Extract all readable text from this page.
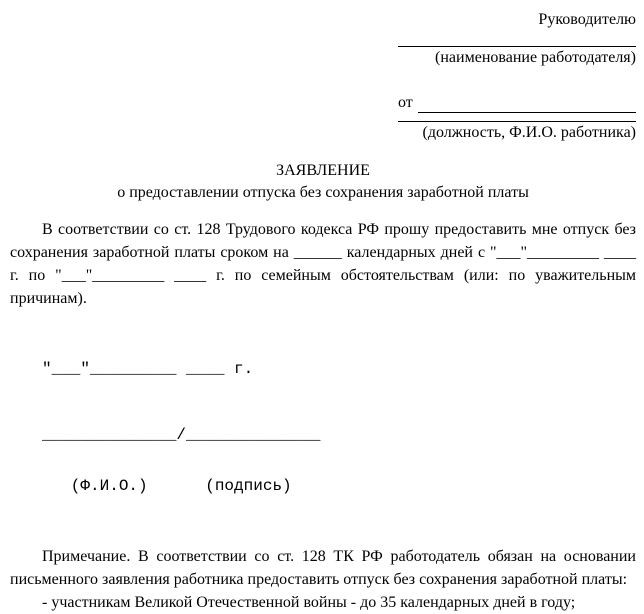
Руководителю
(наименование работодателя)
от
(должность, Ф.И.О. работника)
ЗАЯВЛЕНИЕ
о предоставлении отпуска без сохранения заработной платы
В соответствии со ст. 128 Трудового кодекса РФ прошу предоставить мне отпуск без
сохранения заработной платы сроком на ______ календарных дней с "___"_________ ____
г. по "___"_________ ____ г. по семейным обстоятельствам (или: по уважительным
причинам).

"___"_________ ____ г.

______________/______________

(Ф.И.О.)      (подпись)

Примечание. В соответствии со ст. 128 ТК РФ работодатель обязан на основании
письменного заявления работника предоставить отпуск без сохранения заработной платы:
- участникам Великой Отечественной войны - до 35 календарных дней в году;
